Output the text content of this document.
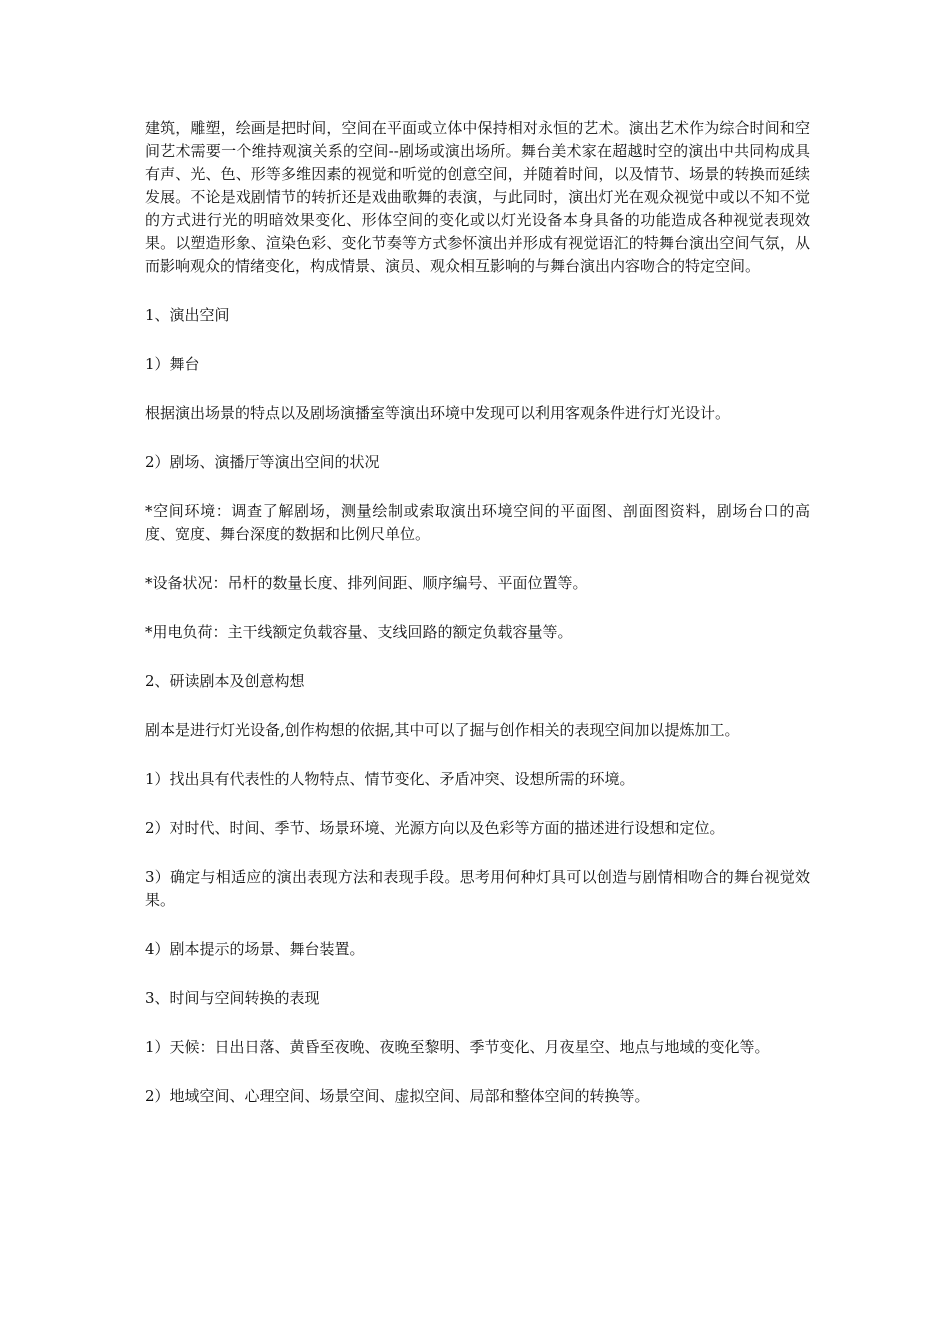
建筑，雕塑，绘画是把时间，空间在平面或立体中保持相对永恒的艺术。演出艺术作为综合时间和空间艺术需要一个维持观演关系的空间--剧场或演出场所。舞台美术家在超越时空的演出中共同构成具有声、光、色、形等多维因素的视觉和听觉的创意空间，并随着时间，以及情节、场景的转换而延续发展。不论是戏剧情节的转折还是戏曲歌舞的表演，与此同时，演出灯光在观众视觉中或以不知不觉的方式进行光的明暗效果变化、形体空间的变化或以灯光设备本身具备的功能造成各种视觉表现效果。以塑造形象、渲染色彩、变化节奏等方式参怀演出并形成有视觉语汇的特舞台演出空间气氛，从而影响观众的情绪变化，构成情景、演员、观众相互影响的与舞台演出内容吻合的特定空间。

1、演出空间

1）舞台

根据演出场景的特点以及剧场演播室等演出环境中发现可以利用客观条件进行灯光设计。

2）剧场、演播厅等演出空间的状况

*空间环境：调查了解剧场，测量绘制或索取演出环境空间的平面图、剖面图资料，剧场台口的高度、宽度、舞台深度的数据和比例尺单位。

*设备状况：吊杆的数量长度、排列间距、顺序编号、平面位置等。

*用电负荷：主干线额定负载容量、支线回路的额定负载容量等。

2、研读剧本及创意构想

剧本是进行灯光设备,创作构想的依据,其中可以了掘与创作相关的表现空间加以提炼加工。

1）找出具有代表性的人物特点、情节变化、矛盾冲突、设想所需的环境。

2）对时代、时间、季节、场景环境、光源方向以及色彩等方面的描述进行设想和定位。

3）确定与相适应的演出表现方法和表现手段。思考用何种灯具可以创造与剧情相吻合的舞台视觉效果。

4）剧本提示的场景、舞台装置。

3、时间与空间转换的表现

1）天候：日出日落、黄昏至夜晚、夜晚至黎明、季节变化、月夜星空、地点与地域的变化等。

2）地域空间、心理空间、场景空间、虚拟空间、局部和整体空间的转换等。
